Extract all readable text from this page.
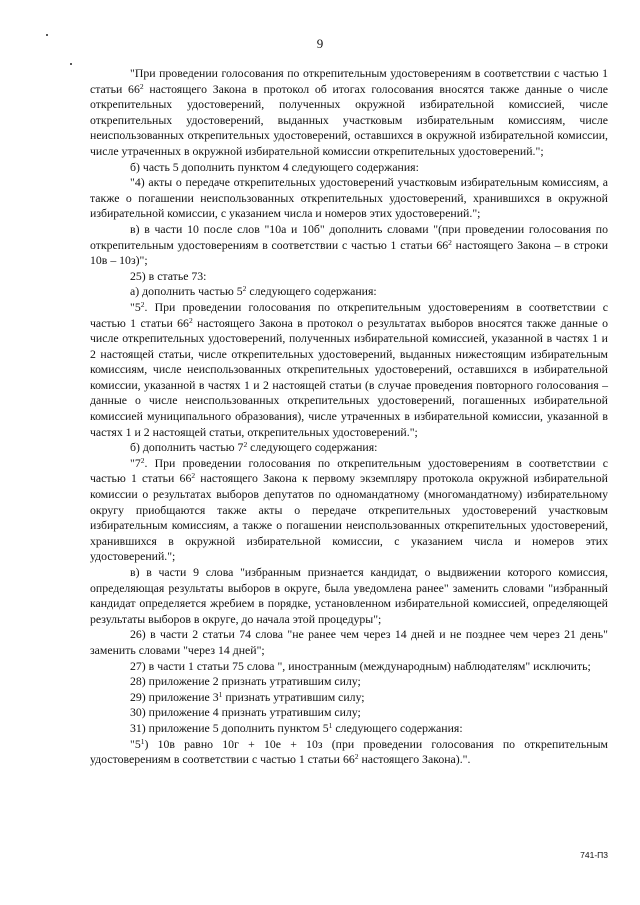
9

"При проведении голосования по открепительным удостоверениям в соответствии с частью 1 статьи $66^2$ настоящего Закона в протокол об итогах голосования вносятся также данные о числе открепительных удостоверений, полученных окружной избирательной комиссией, числе открепительных удостоверений, выданных участковым избирательным комиссиям, числе неиспользованных открепительных удостоверений, оставшихся в окружной избирательной комиссии, числе утраченных в окружной избирательной комиссии открепительных удостоверений.";

б) часть 5 дополнить пунктом 4 следующего содержания:

"4) акты о передаче открепительных удостоверений участковым избирательным комиссиям, а также о погашении неиспользованных открепительных удостоверений, хранившихся в окружной избирательной комиссии, с указанием числа и номеров этих удостоверений.";

в) в части 10 после слов "10а и 10б" дополнить словами "(при проведении голосования по открепительным удостоверениям в соответствии с частью 1 статьи $66^2$ настоящего Закона – в строки 10в – 10з)";

25) в статье 73:

а) дополнить частью $5^2$ следующего содержания:

"$5^2$. При проведении голосования по открепительным удостоверениям в соответствии с частью 1 статьи $66^2$ настоящего Закона в протокол о результатах выборов вносятся также данные о числе открепительных удостоверений, полученных избирательной комиссией, указанной в частях 1 и 2 настоящей статьи, числе открепительных удостоверений, выданных нижестоящим избирательным комиссиям, числе неиспользованных открепительных удостоверений, оставшихся в избирательной комиссии, указанной в частях 1 и 2 настоящей статьи (в случае проведения повторного голосования – данные о числе неиспользованных открепительных удостоверений, погашенных избирательной комиссией муниципального образования), числе утраченных в избирательной комиссии, указанной в частях 1 и 2 настоящей статьи, открепительных удостоверений.";

б) дополнить частью $7^2$ следующего содержания:

"$7^2$. При проведении голосования по открепительным удостоверениям в соответствии с частью 1 статьи $66^2$ настоящего Закона к первому экземпляру протокола окружной избирательной комиссии о результатах выборов депутатов по одномандатному (многомандатному) избирательному округу приобщаются также акты о передаче открепительных удостоверений участковым избирательным комиссиям, а также о погашении неиспользованных открепительных удостоверений, хранившихся в окружной избирательной комиссии, с указанием числа и номеров этих удостоверений.";

в) в части 9 слова "избранным признается кандидат, о выдвижении которого комиссия, определяющая результаты выборов в округе, была уведомлена ранее" заменить словами "избранный кандидат определяется жребием в порядке, установленном избирательной комиссией, определяющей результаты выборов в округе, до начала этой процедуры";

26) в части 2 статьи 74 слова "не ранее чем через 14 дней и не позднее чем через 21 день" заменить словами "через 14 дней";

27) в части 1 статьи 75 слова ", иностранным (международным) наблюдателям" исключить;

28) приложение 2 признать утратившим силу;

29) приложение $3^1$ признать утратившим силу;

30) приложение 4 признать утратившим силу;

31) приложение 5 дополнить пунктом $5^1$ следующего содержания:

"$5^1$) 10в равно 10г + 10е + 10з (при проведении голосования по открепительным удостоверениям в соответствии с частью 1 статьи $66^2$ настоящего Закона).".

741-П3
